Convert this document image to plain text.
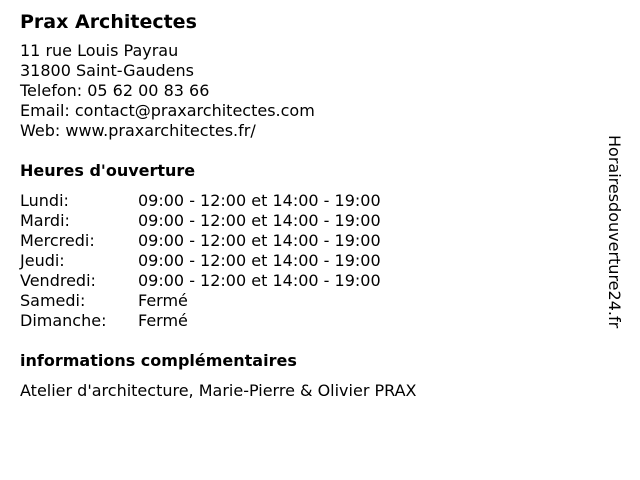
Prax Architectes
11 rue Louis Payrau
31800 Saint-Gaudens
Telefon: 05 62 00 83 66
Email: contact@praxarchitectes.com
Web: www.praxarchitectes.fr/
Heures d'ouverture
Lundi:	09:00 - 12:00 et 14:00 - 19:00
Mardi:	09:00 - 12:00 et 14:00 - 19:00
Mercredi:	09:00 - 12:00 et 14:00 - 19:00
Jeudi:	09:00 - 12:00 et 14:00 - 19:00
Vendredi:	09:00 - 12:00 et 14:00 - 19:00
Samedi:	Fermé
Dimanche:	Fermé
informations complémentaires
Atelier d'architecture, Marie-Pierre & Olivier PRAX
Horairesdouverture24.fr
